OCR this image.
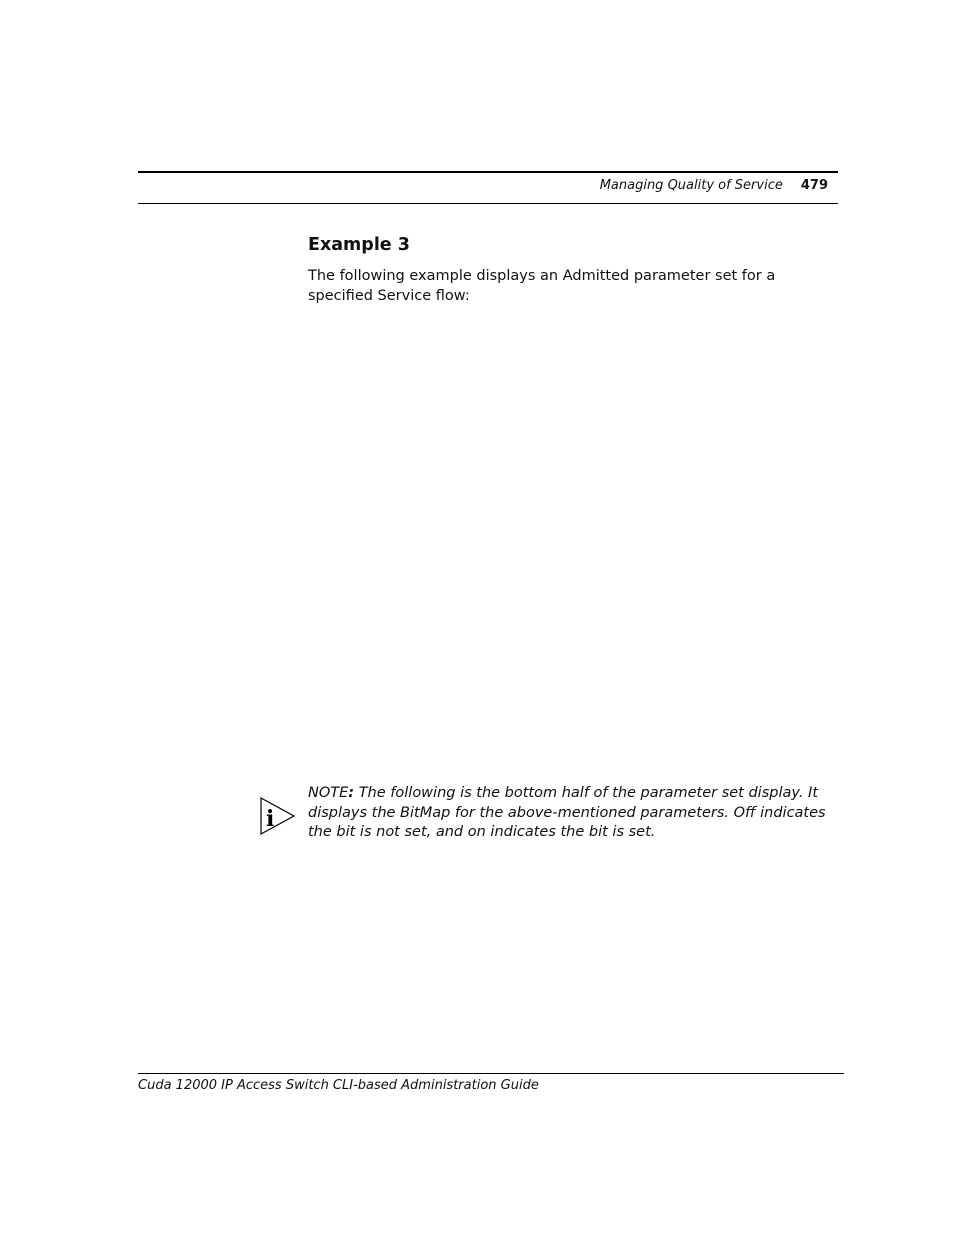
Managing Quality of Service 479
Example 3

The following example displays an Admitted parameter set for a specified Service flow:

i

NOTE: The following is the bottom half of the parameter set display. It displays the BitMap for the above-mentioned parameters. Off indicates the bit is not set, and on indicates the bit is set.

Cuda 12000 IP Access Switch CLI-based Administration Guide
